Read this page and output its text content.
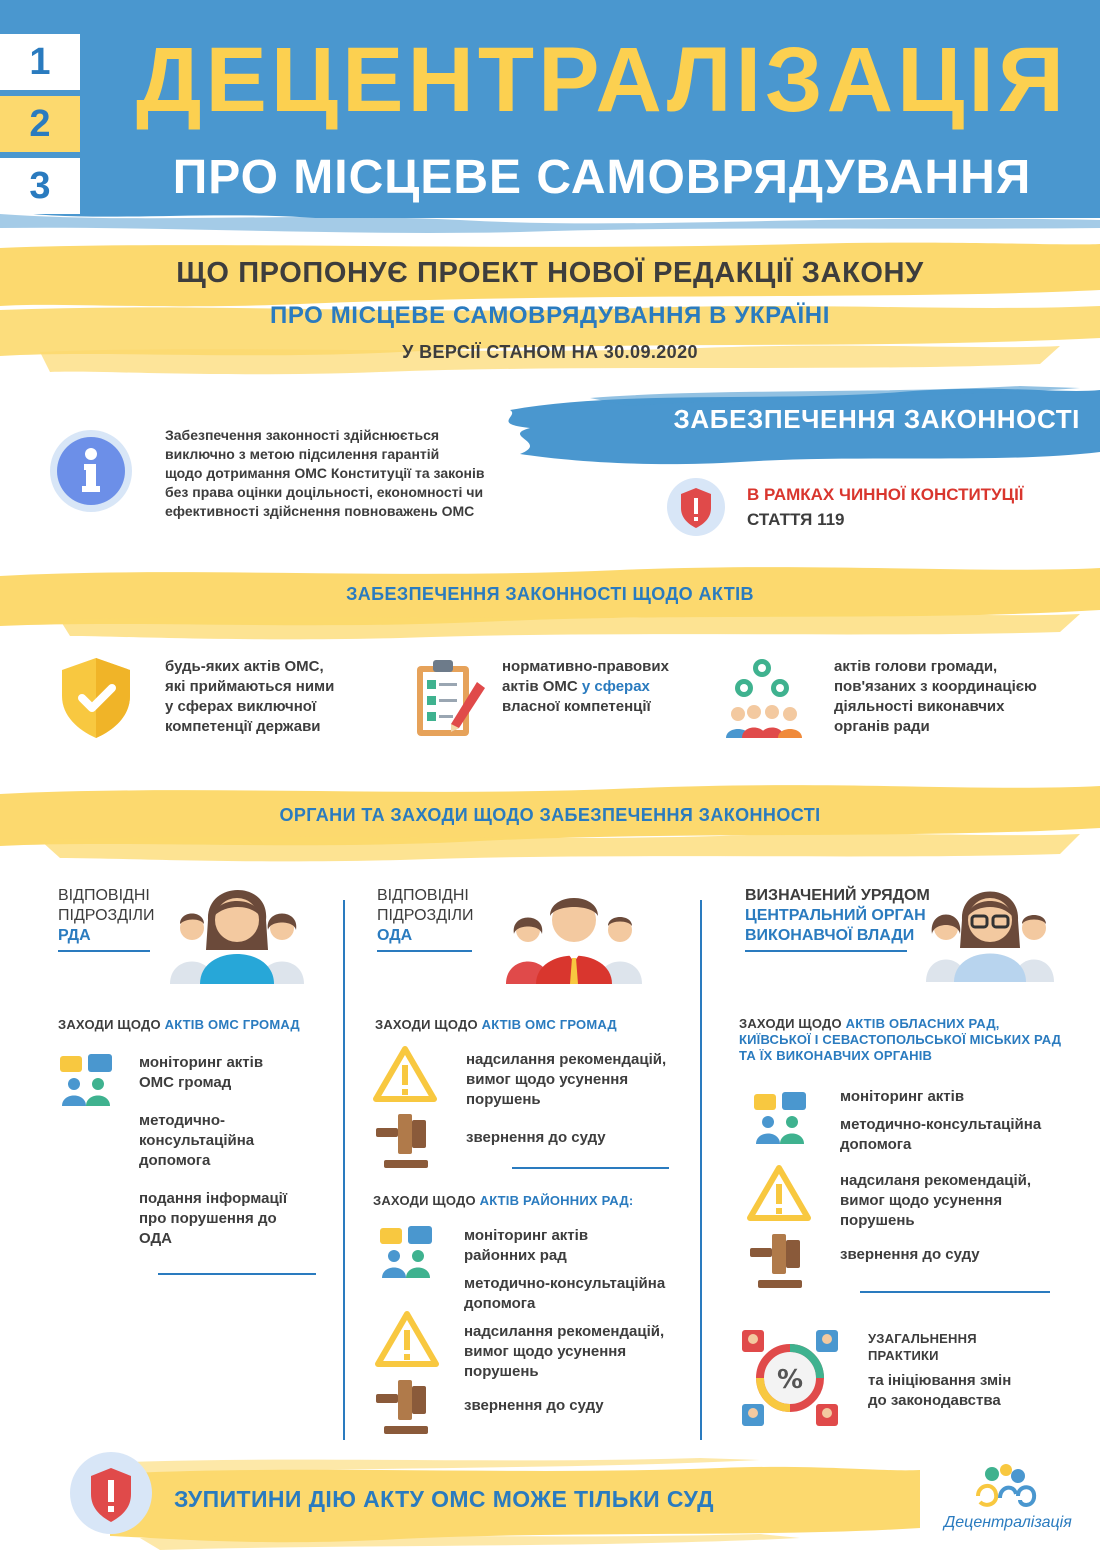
1
2
3
ДЕЦЕНТРАЛІЗАЦІЯ
ПРО МІСЦЕВЕ САМОВРЯДУВАННЯ
ЩО ПРОПОНУЄ ПРОЕКТ НОВОЇ РЕДАКЦІЇ ЗАКОНУ
ПРО МІСЦЕВЕ САМОВРЯДУВАННЯ В УКРАЇНІ
У ВЕРСІЇ СТАНОМ НА 30.09.2020
ЗАБЕЗПЕЧЕННЯ ЗАКОННОСТІ
Забезпечення законності здійснюється
виключно з метою підсилення гарантій
щодо дотримання ОМС Конституції та законів
без права оцінки доцільності, економності чи
ефективності здійснення повноважень ОМС
В РАМКАХ ЧИННОЇ КОНСТИТУЦІЇ
СТАТТЯ 119
ЗАБЕЗПЕЧЕННЯ ЗАКОННОСТІ ЩОДО АКТІВ
будь-яких актів ОМС,
які приймаються ними
у сферах виключної
компетенції держави
нормативно-правових
актів ОМС у сферах
власної компетенції
актів голови громади,
пов'язаних з координацією
діяльності виконавчих
органів ради
ОРГАНИ ТА ЗАХОДИ ЩОДО ЗАБЕЗПЕЧЕННЯ ЗАКОННОСТІ
ВІДПОВІДНІ
ПІДРОЗДІЛИ
РДА
ЗАХОДИ ЩОДО АКТІВ ОМС ГРОМАД
моніторинг актів
ОМС громад
методично-
консультаційна
допомога
подання інформації
про порушення до
ОДА
ВІДПОВІДНІ
ПІДРОЗДІЛИ
ОДА
ЗАХОДИ ЩОДО АКТІВ ОМС ГРОМАД
надсилання рекомендацій,
вимог щодо усунення
порушень
звернення до суду
ЗАХОДИ ЩОДО АКТІВ РАЙОННИХ РАД:
моніторинг актів
районних рад
методично-консультаційна
допомога
надсилання рекомендацій,
вимог щодо усунення
порушень
звернення до суду
ВИЗНАЧЕНИЙ УРЯДОМ
ЦЕНТРАЛЬНИЙ ОРГАН
ВИКОНАВЧОЇ ВЛАДИ
ЗАХОДИ ЩОДО АКТІВ ОБЛАСНИХ РАД,
КИЇВСЬКОЇ І СЕВАСТОПОЛЬСЬКОЇ МІСЬКИХ РАД
ТА ЇХ ВИКОНАВЧИХ ОРГАНІВ
моніторинг актів
методично-консультаційна
допомога
надсиланя рекомендацій,
вимог щодо усунення
порушень
звернення до суду
%
УЗАГАЛЬНЕННЯ
ПРАКТИКИ
та ініціювання змін
до законодавства
ЗУПИТИНИ ДІЮ АКТУ ОМС МОЖЕ ТІЛЬКИ СУД
Децентралізація
